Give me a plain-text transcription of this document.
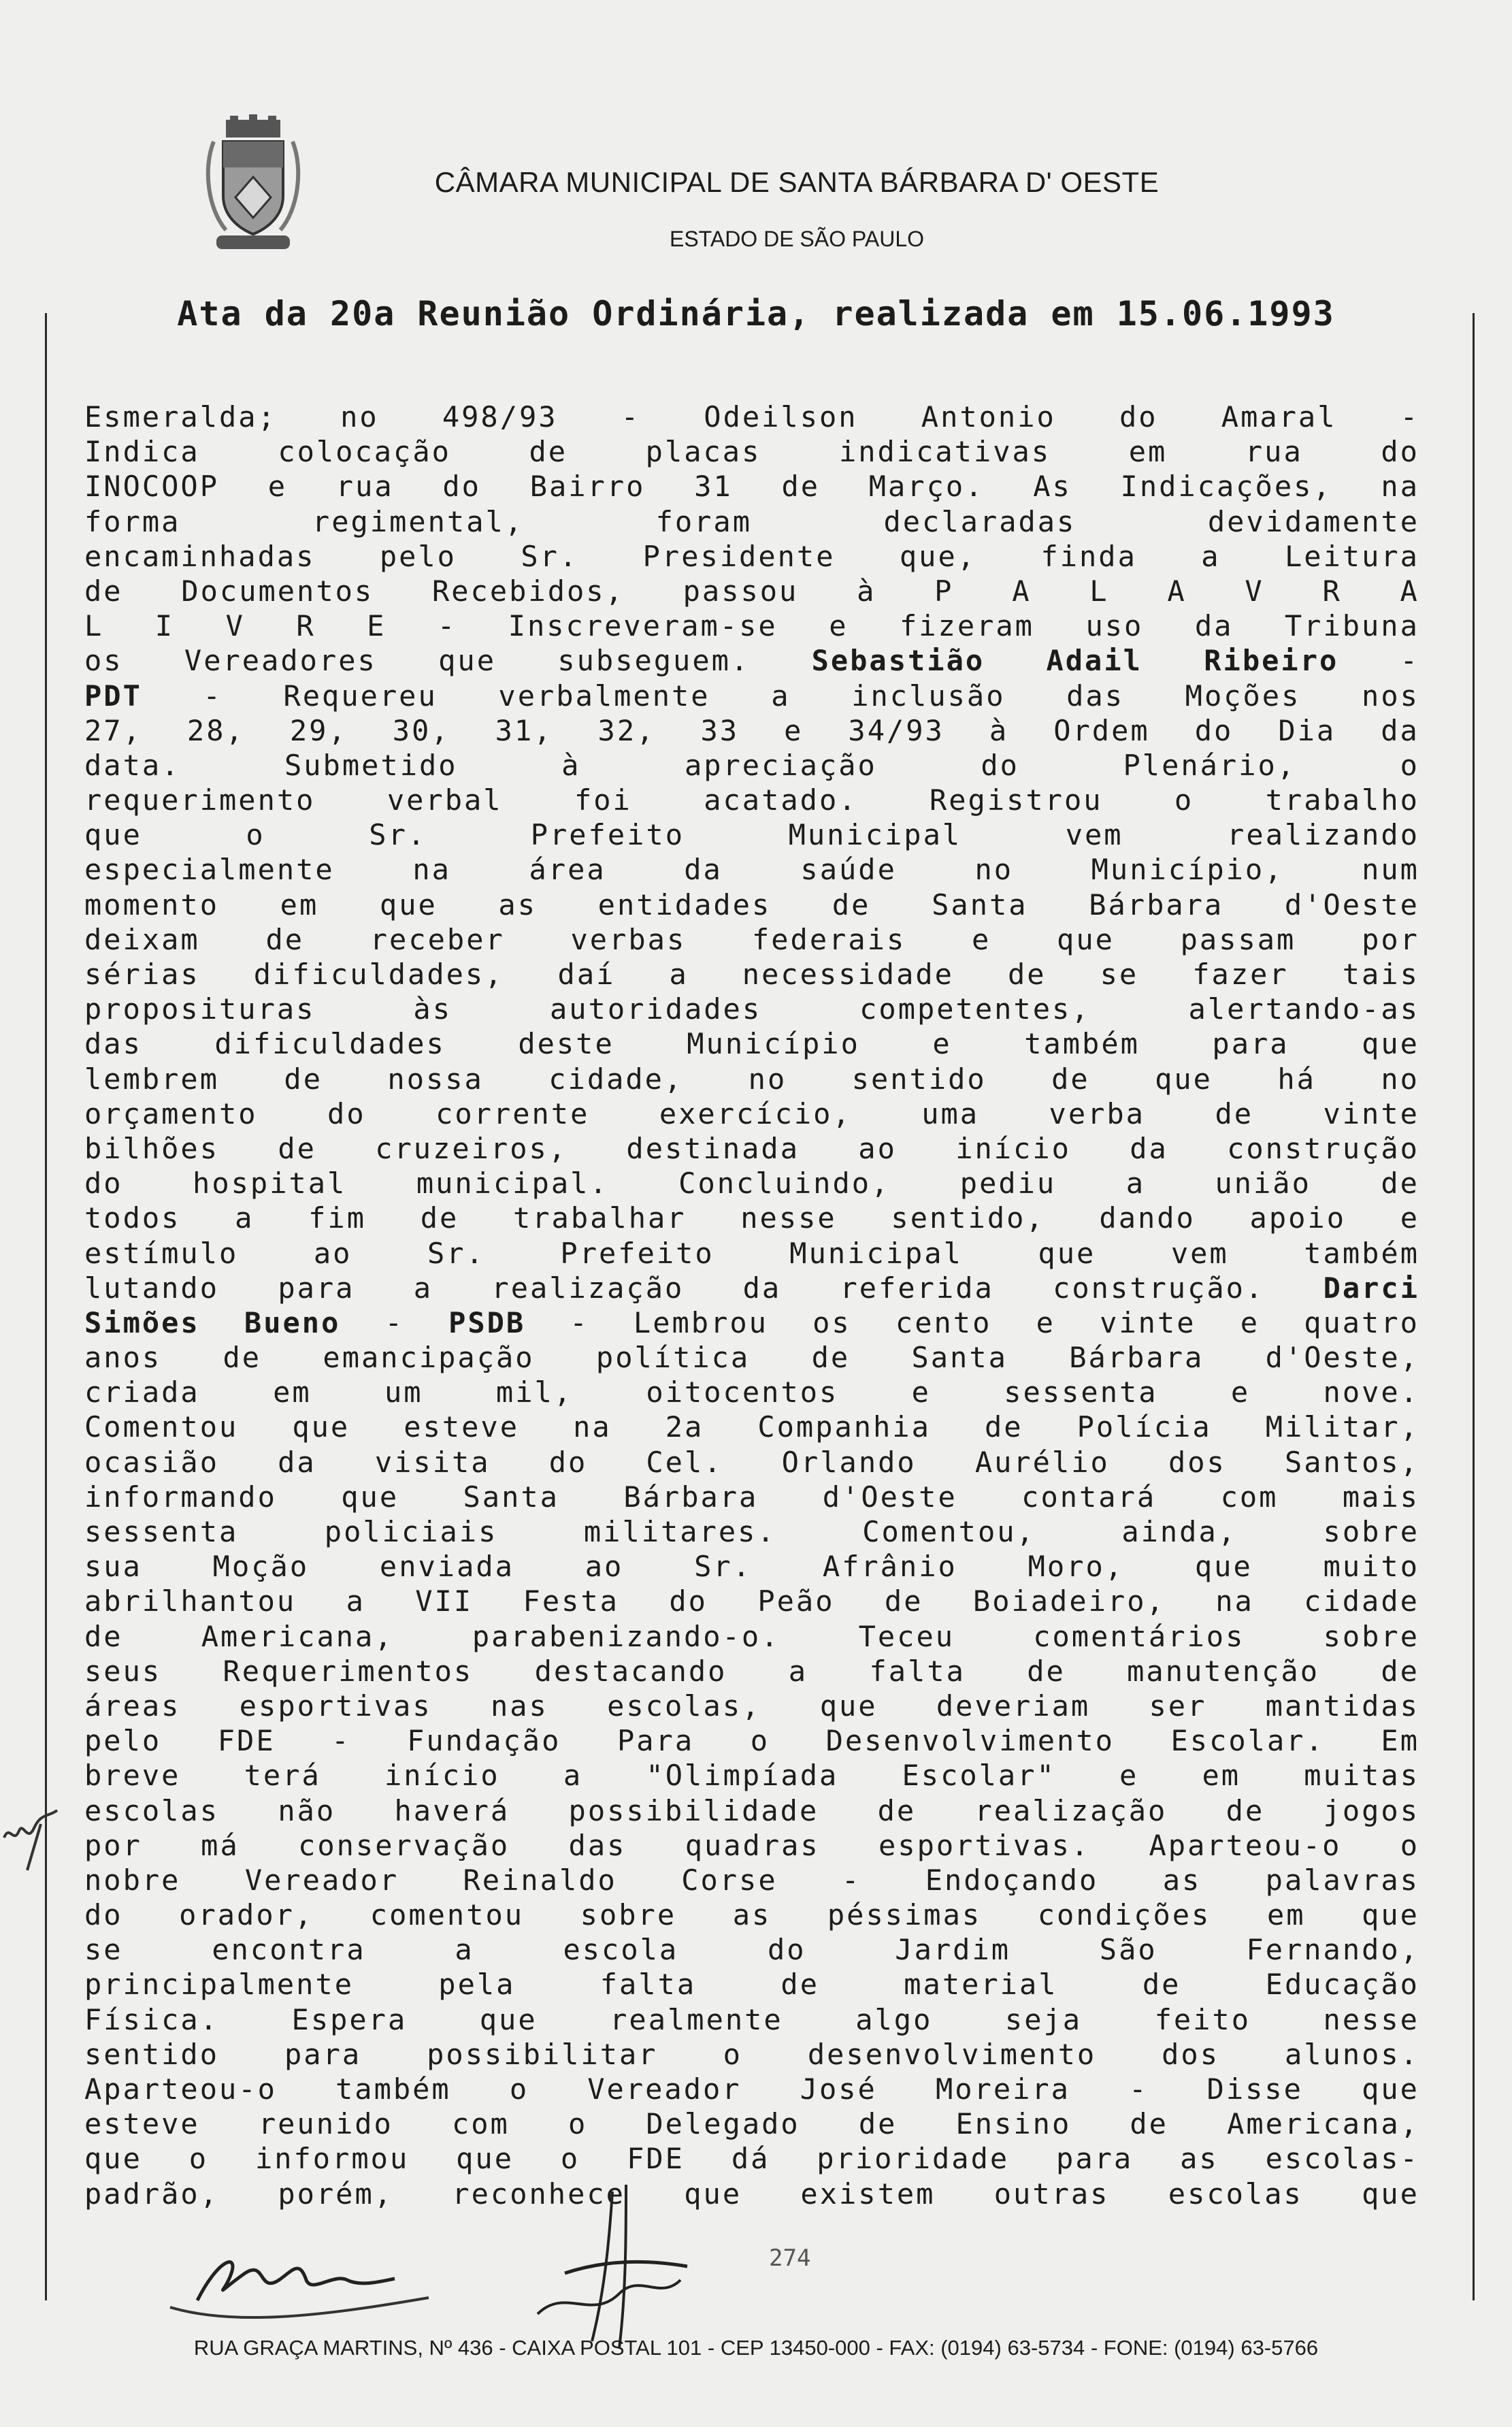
CÂMARA MUNICIPAL DE SANTA BÁRBARA D' OESTE
ESTADO DE SÃO PAULO
Ata da 20a Reunião Ordinária, realizada em 15.06.1993
Esmeralda; no 498/93 - Odeilson Antonio do Amaral -
Indica	colocação	de	placas	indicativas	em	rua	do
INOCOOP e rua do Bairro 31 de Março. As Indicações, na
forma	regimental,	foram	declaradas	devidamente
encaminhadas pelo Sr. Presidente que, finda a Leitura
de Documentos Recebidos, passou à P A L A V R A
L I V R E - Inscreveram-se e fizeram uso da Tribuna
os Vereadores que subseguem. Sebastião Adail Ribeiro -
PDT - Requereu verbalmente a inclusão das Moções nos
27, 28, 29, 30, 31, 32, 33 e 34/93 à Ordem do Dia da
data.	Submetido	à	apreciação	do	Plenário,	o
requerimento	verbal	foi	acatado.	Registrou	o	trabalho
que	o	Sr.	Prefeito	Municipal	vem	realizando
especialmente	na	área	da	saúde	no	Município,	num
momento em que as entidades de Santa Bárbara d'Oeste
deixam de receber verbas federais e que passam por
sérias dificuldades, daí a necessidade de se fazer tais
proposituras	às	autoridades	competentes,	alertando-as
das	dificuldades	deste	Município	e	também	para	que
lembrem de nossa cidade, no sentido de que há no
orçamento do corrente exercício, uma verba de vinte
bilhões de cruzeiros, destinada ao início da construção
do hospital municipal. Concluindo, pediu a união de
todos a fim de trabalhar nesse sentido, dando apoio e
estímulo	ao	Sr.	Prefeito	Municipal	que	vem	também
lutando para a realização da referida construção. Darci
Simões Bueno - PSDB - Lembrou os cento e vinte e quatro
anos de emancipação política de Santa Bárbara d'Oeste,
criada	em	um	mil,	oitocentos	e	sessenta	e	nove.
Comentou que esteve na 2a Companhia de Polícia Militar,
ocasião da visita do Cel. Orlando Aurélio dos Santos,
informando que Santa Bárbara d'Oeste contará com mais
sessenta	policiais	militares.	Comentou,	ainda,	sobre
sua Moção enviada ao Sr. Afrânio Moro, que muito
abrilhantou a VII Festa do Peão de Boiadeiro, na cidade
de	Americana,	parabenizando-o.	Teceu	comentários	sobre
seus Requerimentos destacando a falta de manutenção de
áreas esportivas nas escolas, que deveriam ser mantidas
pelo FDE - Fundação Para o Desenvolvimento Escolar. Em
breve terá início a "Olimpíada Escolar" e em muitas
escolas não haverá possibilidade de realização de jogos
por má conservação das quadras esportivas. Aparteou-o o
nobre Vereador Reinaldo Corse - Endoçando as palavras
do orador, comentou sobre as péssimas condições em que
se	encontra	a	escola	do	Jardim	São	Fernando,
principalmente	pela	falta	de	material	de	Educação
Física.	Espera	que	realmente	algo	seja	feito	nesse
sentido para possibilitar o desenvolvimento dos alunos.
Aparteou-o também o Vereador José Moreira - Disse que
esteve reunido com o Delegado de Ensino de Americana,
que o informou que o FDE dá prioridade para as escolas-
padrão, porém, reconhece que existem outras escolas que
274
RUA GRAÇA MARTINS, Nº 436 - CAIXA POSTAL 101 - CEP 13450-000 - FAX: (0194) 63-5734 - FONE: (0194) 63-5766
